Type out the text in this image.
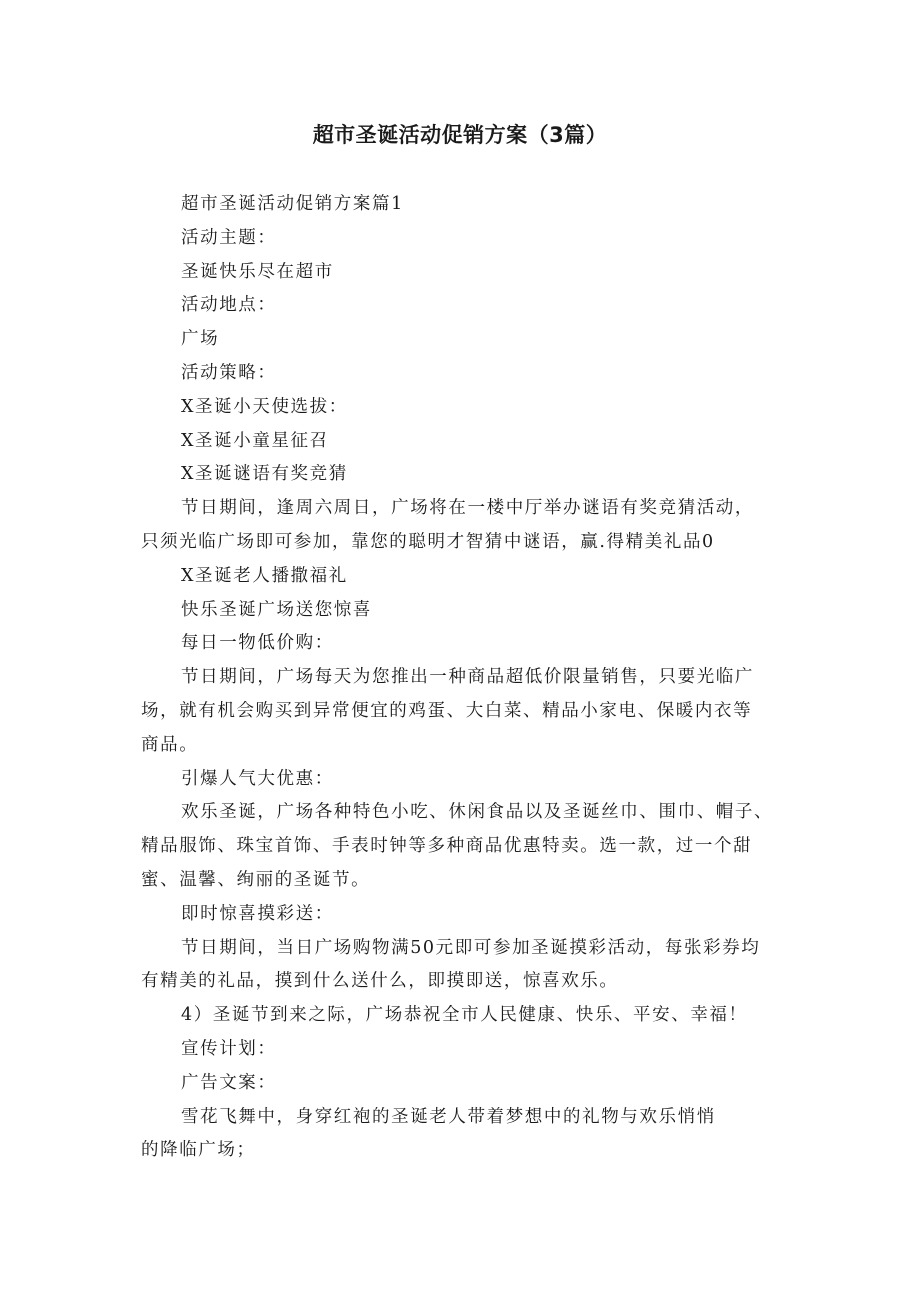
超市圣诞活动促销方案（3篇）

超市圣诞活动促销方案篇1

活动主题：

圣诞快乐尽在超市

活动地点：

广场

活动策略：

X圣诞小天使选拔：

X圣诞小童星征召

X圣诞谜语有奖竞猜

节日期间，逢周六周日，广场将在一楼中厅举办谜语有奖竞猜活动，

只须光临广场即可参加，靠您的聪明才智猜中谜语，赢.得精美礼品0

X圣诞老人播撒福礼

快乐圣诞广场送您惊喜

每日一物低价购：

节日期间，广场每天为您推出一种商品超低价限量销售，只要光临广

场，就有机会购买到异常便宜的鸡蛋、大白菜、精品小家电、保暖内衣等

商品。

引爆人气大优惠：

欢乐圣诞，广场各种特色小吃、休闲食品以及圣诞丝巾、围巾、帽子、

精品服饰、珠宝首饰、手表时钟等多种商品优惠特卖。选一款，过一个甜

蜜、温馨、绚丽的圣诞节。

即时惊喜摸彩送：

节日期间，当日广场购物满50元即可参加圣诞摸彩活动，每张彩券均

有精美的礼品，摸到什么送什么，即摸即送，惊喜欢乐。

4）圣诞节到来之际，广场恭祝全市人民健康、快乐、平安、幸福！

宣传计划：

广告文案：

雪花飞舞中，身穿红袍的圣诞老人带着梦想中的礼物与欢乐悄悄

的降临广场；
